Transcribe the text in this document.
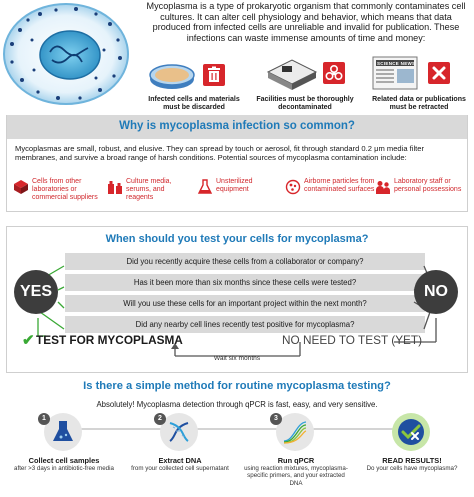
Mycoplasma is a type of prokaryotic organism that commonly contaminates cell cultures. It can alter cell physiology and behavior, which means that data produced from infected cells are unreliable and invalid for publication. These infections can waste immense amounts of time and money:
Infected cells and materials must be discarded
Facilities must be thoroughly decontaminated
SCIENCE NEWS
Related data or publications must be retracted
Why is mycoplasma infection so common?
Mycoplasmas are small, robust, and elusive. They can spread by touch or aerosol, fit through standard 0.2 μm media filter membranes, and survive a broad range of harsh conditions. Potential sources of mycoplasma contamination include:
Cells from other laboratories or commercial suppliers
Culture media, serums, and reagents
Unsterilized equipment
Airborne particles from contaminated surfaces
Laboratory staff or personal possessions
When should you test your cells for mycoplasma?
Did you recently acquire these cells from a collaborator or company?
Has it been more than six months since these cells were tested?
Will you use these cells for an important project within the next month?
Did any nearby cell lines recently test positive for mycoplasma?
YES	NO
✔ TEST FOR MYCOPLASMA	NO NEED TO TEST (YET)
Wait six months
Is there a simple method for routine mycoplasma testing?
Absolutely! Mycoplasma detection through qPCR is fast, easy, and very sensitive.
1
Collect cell samples
after >3 days in antibiotic-free media
2
Extract DNA
from your collected cell supernatant
3
Run qPCR
using reaction mixtures, mycoplasma-specific primers, and your extracted DNA
READ RESULTS!
Do your cells have mycoplasma?
